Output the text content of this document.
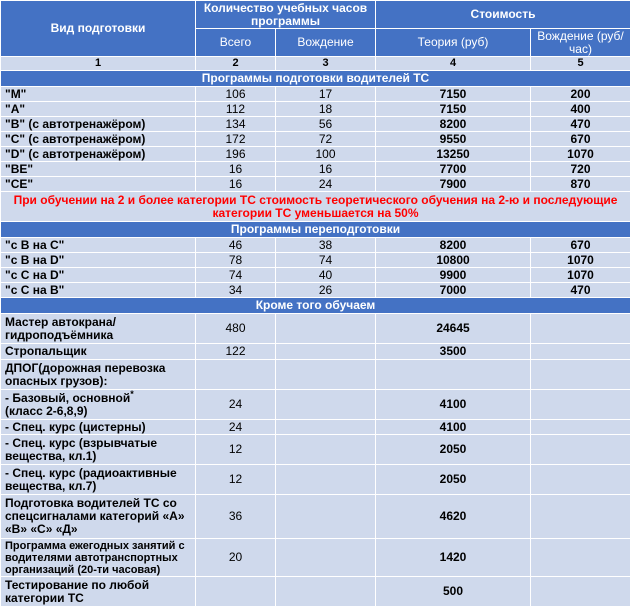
Вид подготовки	Количество учебных часов программы		Стоимость	
	Всего	Вождение	Теория (руб)	Вождение (руб/час)
1	2	3	4	5
Программы подготовки водителей ТС				
"M"	106	17	7150	200
"A"	112	18	7150	400
"B" (с автотренажёром)	134	56	8200	470
"C" (с автотренажёром)	172	72	9550	670
"D" (с автотренажёром)	196	100	13250	1070
"BE"	16	16	7700	720
"CE"	16	24	7900	870
При обучении на 2 и более категории ТС стоимость теоретического обучения на 2-ю и последующие категории ТС уменьшается на 50%				
Программы переподготовки				
"с B на C"	46	38	8200	670
"с B на D"	78	74	10800	1070
"с C на D"	74	40	9900	1070
"с C на B"	34	26	7000	470
Кроме того обучаем				
Мастер автокрана/ гидроподъёмника	480		24645	
Стропальщик	122		3500	
ДПОГ(дорожная перевозка опасных грузов):				
- Базовый, основной*
(класс 2-6,8,9)	24		4100	
- Спец. курс (цистерны)	24		4100	
- Спец. курс (взрывчатые вещества, кл.1)	12		2050	
- Спец. курс (радиоактивные вещества, кл.7)	12		2050	
Подготовка водителей ТС со спецсигналами категорий «А» «В» «С» «Д»	36		4620	
Программа ежегодных занятий с водителями автотранспортных организаций (20-ти часовая)	20		1420	
Тестирование по любой категории ТС			500	
